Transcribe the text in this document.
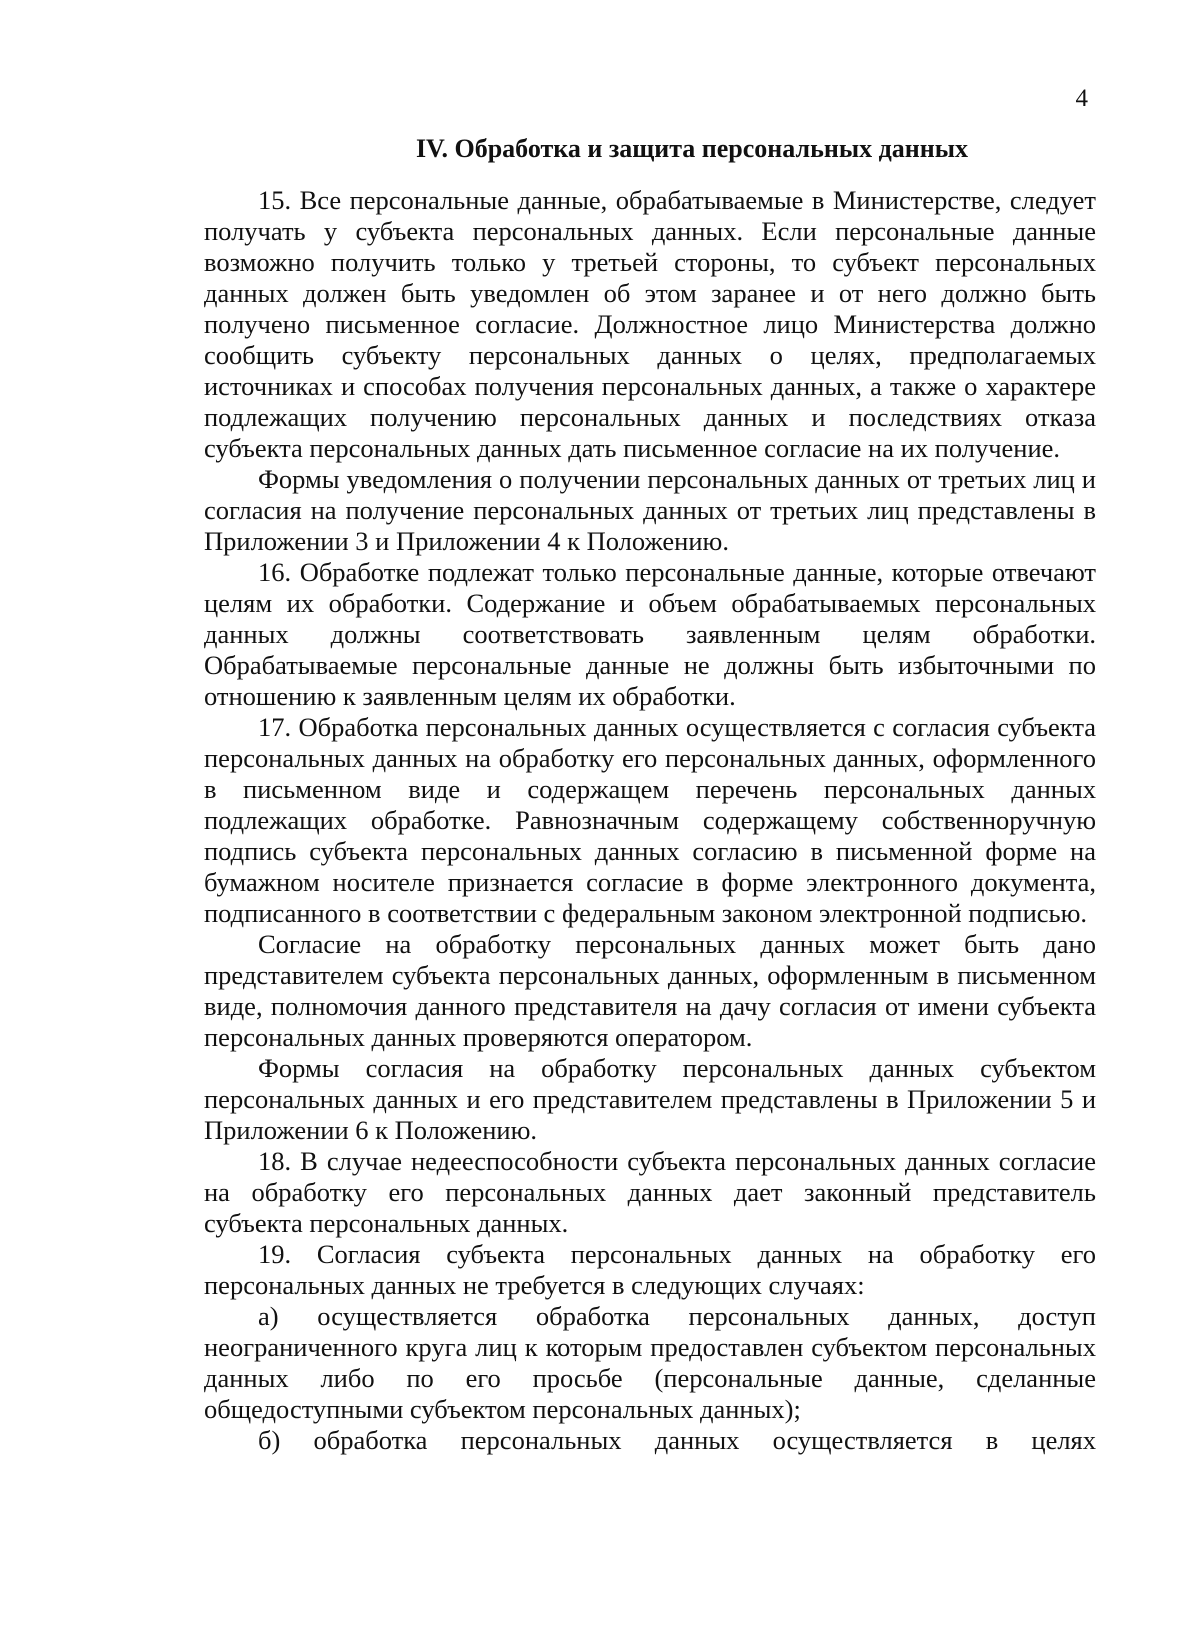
4
IV. Обработка и защита персональных данных

15. Все персональные данные, обрабатываемые в Министерстве, следует получать у субъекта персональных данных. Если персональные данные возможно получить только у третьей стороны, то субъект персональных данных должен быть уведомлен об этом заранее и от него должно быть получено письменное согласие. Должностное лицо Министерства должно сообщить субъекту персональных данных о целях, предполагаемых источниках и способах получения персональных данных, а также о характере подлежащих получению персональных данных и последствиях отказа субъекта персональных данных дать письменное согласие на их получение.

Формы уведомления о получении персональных данных от третьих лиц и согласия на получение персональных данных от третьих лиц представлены в Приложении 3 и Приложении 4 к Положению.

16. Обработке подлежат только персональные данные, которые отвечают целям их обработки. Содержание и объем обрабатываемых персональных данных должны соответствовать заявленным целям обработки. Обрабатываемые персональные данные не должны быть избыточными по отношению к заявленным целям их обработки.

17. Обработка персональных данных осуществляется с согласия субъекта персональных данных на обработку его персональных данных, оформленного в письменном виде и содержащем перечень персональных данных подлежащих обработке. Равнозначным содержащему собственноручную подпись субъекта персональных данных согласию в письменной форме на бумажном носителе признается согласие в форме электронного документа, подписанного в соответствии с федеральным законом электронной подписью.

Согласие на обработку персональных данных может быть дано представителем субъекта персональных данных, оформленным в письменном виде, полномочия данного представителя на дачу согласия от имени субъекта персональных данных проверяются оператором.

Формы согласия на обработку персональных данных субъектом персональных данных и его представителем представлены в Приложении 5 и Приложении 6 к Положению.

18. В случае недееспособности субъекта персональных данных согласие на обработку его персональных данных дает законный представитель субъекта персональных данных.

19. Согласия субъекта персональных данных на обработку его персональных данных не требуется в следующих случаях:

а) осуществляется обработка персональных данных, доступ неограниченного круга лиц к которым предоставлен субъектом персональных данных либо по его просьбе (персональные данные, сделанные общедоступными субъектом персональных данных);

б) обработка персональных данных осуществляется в целях
